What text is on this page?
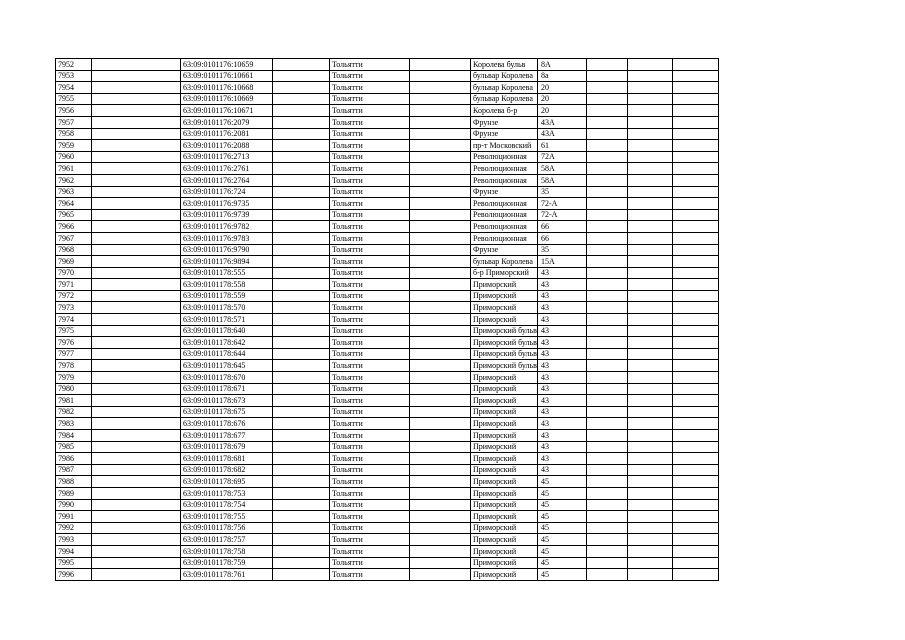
7952		63:09:0101176:10659		Тольятти		Королева бульв	8А			
7953		63:09:0101176:10661		Тольятти		бульвар Королева	8а			
7954		63:09:0101176:10668		Тольятти		бульвар Королева	20			
7955		63:09:0101176:10669		Тольятти		бульвар Королева	20			
7956		63:09:0101176:10671		Тольятти		Королева б-р	20			
7957		63:09:0101176:2079		Тольятти		Фрунзе	43А			
7958		63:09:0101176:2081		Тольятти		Фрунзе	43А			
7959		63:09:0101176:2088		Тольятти		пр-т Московский	61			
7960		63:09:0101176:2713		Тольятти		Революционная	72А			
7961		63:09:0101176:2761		Тольятти		Революционная	58А			
7962		63:09:0101176:2764		Тольятти		Революционная	58А			
7963		63:09:0101176:724		Тольятти		Фрунзе	35			
7964		63:09:0101176:9735		Тольятти		Революционная	72-А			
7965		63:09:0101176:9739		Тольятти		Революционная	72-А			
7966		63:09:0101176:9782		Тольятти		Революционная	66			
7967		63:09:0101176:9783		Тольятти		Революционная	66			
7968		63:09:0101176:9790		Тольятти		Фрунзе	35			
7969		63:09:0101176:9894		Тольятти		бульвар Королева	15А			
7970		63:09:0101178:555		Тольятти		б-р Приморский	43			
7971		63:09:0101178:558		Тольятти		Приморский	43			
7972		63:09:0101178:559		Тольятти		Приморский	43			
7973		63:09:0101178:570		Тольятти		Приморский	43			
7974		63:09:0101178:571		Тольятти		Приморский	43			
7975		63:09:0101178:640		Тольятти		Приморский бульв	43			
7976		63:09:0101178:642		Тольятти		Приморский бульв	43			
7977		63:09:0101178:644		Тольятти		Приморский бульв	43			
7978		63:09:0101178:645		Тольятти		Приморский бульв	43			
7979		63:09:0101178:670		Тольятти		Приморский	43			
7980		63:09:0101178:671		Тольятти		Приморский	43			
7981		63:09:0101178:673		Тольятти		Приморский	43			
7982		63:09:0101178:675		Тольятти		Приморский	43			
7983		63:09:0101178:676		Тольятти		Приморский	43			
7984		63:09:0101178:677		Тольятти		Приморский	43			
7985		63:09:0101178:679		Тольятти		Приморский	43			
7986		63:09:0101178:681		Тольятти		Приморский	43			
7987		63:09:0101178:682		Тольятти		Приморский	43			
7988		63:09:0101178:695		Тольятти		Приморский	45			
7989		63:09:0101178:753		Тольятти		Приморский	45			
7990		63:09:0101178:754		Тольятти		Приморский	45			
7991		63:09:0101178:755		Тольятти		Приморский	45			
7992		63:09:0101178:756		Тольятти		Приморский	45			
7993		63:09:0101178:757		Тольятти		Приморский	45			
7994		63:09:0101178:758		Тольятти		Приморский	45			
7995		63:09:0101178:759		Тольятти		Приморский	45			
7996		63:09:0101178:761		Тольятти		Приморский	45			
